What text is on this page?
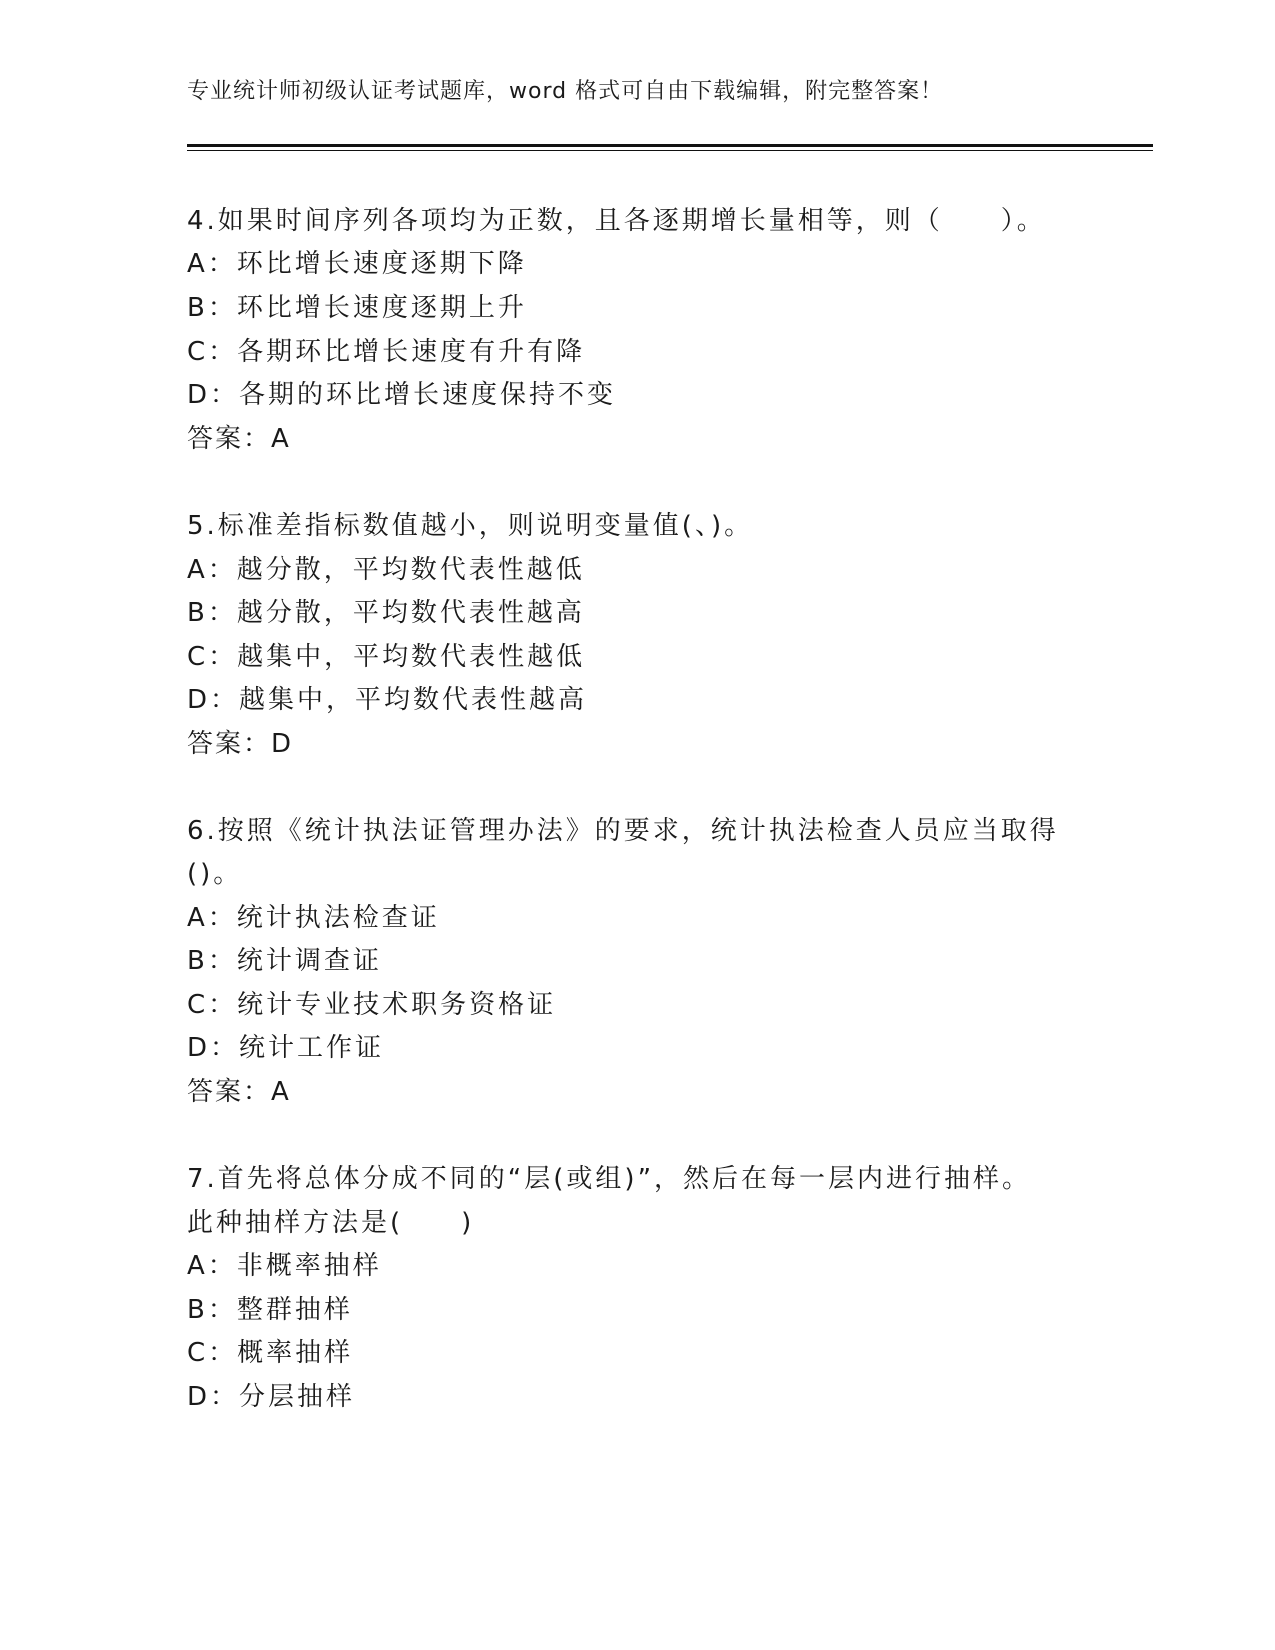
专业统计师初级认证考试题库，word 格式可自由下载编辑，附完整答案！
4.如果时间序列各项均为正数，且各逐期增长量相等，则（　　）。
A：环比增长速度逐期下降
B：环比增长速度逐期上升
C：各期环比增长速度有升有降
D：各期的环比增长速度保持不变
答案：A
5.标准差指标数值越小，则说明变量值(、)。
A：越分散，平均数代表性越低
B：越分散，平均数代表性越高
C：越集中，平均数代表性越低
D：越集中，平均数代表性越高
答案：D
6.按照《统计执法证管理办法》的要求，统计执法检查人员应当取得
()。
A：统计执法检查证
B：统计调查证
C：统计专业技术职务资格证
D：统计工作证
答案：A
7.首先将总体分成不同的“层(或组)”，然后在每一层内进行抽样。
此种抽样方法是(　　)
A：非概率抽样
B：整群抽样
C：概率抽样
D：分层抽样
